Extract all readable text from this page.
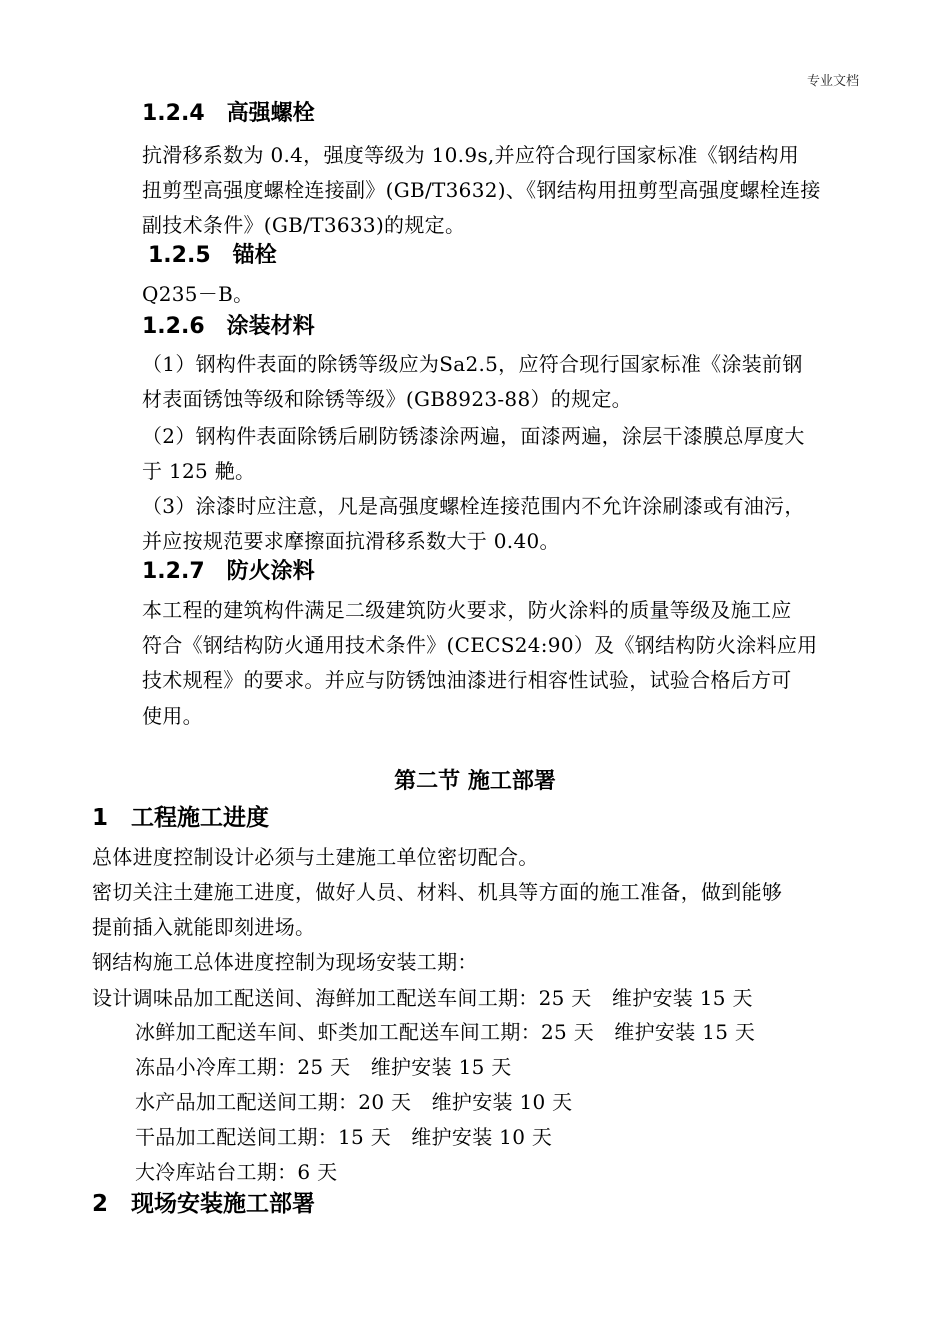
专业文档
1.2.4　高强螺栓
抗滑移系数为 0.4，强度等级为 10.9s,并应符合现行国家标准《钢结构用
扭剪型高强度螺栓连接副》(GB/T3632)、《钢结构用扭剪型高强度螺栓连接
副技术条件》(GB/T3633)的规定。
1.2.5　锚栓
Q235－B。
1.2.6　涂装材料
（1）钢构件表面的除锈等级应为Sa2.5，应符合现行国家标准《涂装前钢
材表面锈蚀等级和除锈等级》(GB8923-88）的规定。
（2）钢构件表面除锈后刷防锈漆涂两遍，面漆两遍，涂层干漆膜总厚度大
于 125 艴。
（3）涂漆时应注意，凡是高强度螺栓连接范围内不允许涂刷漆或有油污，
并应按规范要求摩擦面抗滑移系数大于 0.40。
1.2.7　防火涂料
本工程的建筑构件满足二级建筑防火要求，防火涂料的质量等级及施工应
符合《钢结构防火通用技术条件》(CECS24:90）及《钢结构防火涂料应用
技术规程》的要求。并应与防锈蚀油漆进行相容性试验，试验合格后方可
使用。
第二节 施工部署
1　工程施工进度
总体进度控制设计必须与土建施工单位密切配合。
密切关注土建施工进度，做好人员、材料、机具等方面的施工准备，做到能够
提前插入就能即刻进场。
钢结构施工总体进度控制为现场安装工期：
设计调味品加工配送间、海鲜加工配送车间工期：25 天　维护安装 15 天
冰鲜加工配送车间、虾类加工配送车间工期：25 天　维护安装 15 天
冻品小冷库工期：25 天　维护安装 15 天
水产品加工配送间工期：20 天　维护安装 10 天
干品加工配送间工期：15 天　维护安装 10 天
大冷库站台工期：6 天
2　现场安装施工部署
